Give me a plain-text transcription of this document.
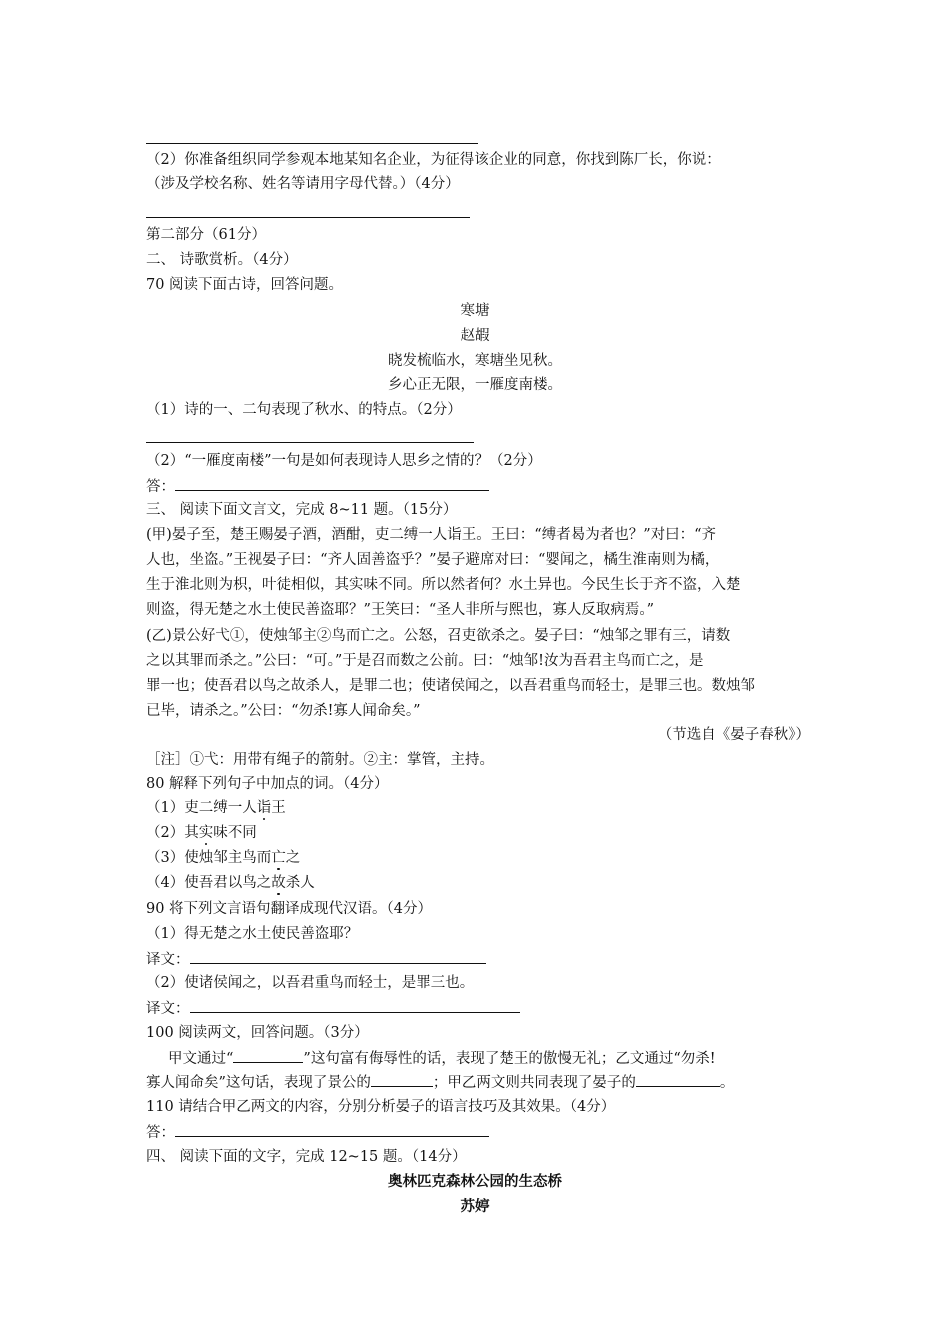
（2）你准备组织同学参观本地某知名企业，为征得该企业的同意，你找到陈厂长，你说：
（涉及学校名称、姓名等请用字母代替。）（4分）
第二部分（61分）
二、 诗歌赏析。（4分）
70 阅读下面古诗，回答问题。
寒塘
赵嘏
晓发梳临水，寒塘坐见秋。
乡心正无限，一雁度南楼。
（1）诗的一、二句表现了秋水、的特点。（2分）
（2）“一雁度南楼”一句是如何表现诗人思乡之情的？（2分）
答：
三、 阅读下面文言文，完成 8~11 题。（15分）
(甲)晏子至，楚王赐晏子酒，酒酣，吏二缚一人诣王。王曰：“缚者曷为者也？”对曰：“齐
人也，坐盗。”王视晏子曰：“齐人固善盗乎？”晏子避席对曰：“婴闻之，橘生淮南则为橘，
生于淮北则为枳，叶徒相似，其实味不同。所以然者何？水土异也。今民生长于齐不盗，入楚
则盗，得无楚之水土使民善盗耶？”王笑曰：“圣人非所与熙也，寡人反取病焉。”
(乙)景公好弋①，使烛邹主②鸟而亡之。公怒，召吏欲杀之。晏子曰：“烛邹之罪有三，请数
之以其罪而杀之。”公曰：“可。”于是召而数之公前。曰：“烛邹!汝为吾君主鸟而亡之，是
罪一也；使吾君以鸟之故杀人，是罪二也；使诸侯闻之，以吾君重鸟而轻士，是罪三也。数烛邹
已毕，请杀之。”公曰：“勿杀!寡人闻命矣。”
（节选自《晏子春秋》）
［注］①弋：用带有绳子的箭射。②主：掌管，主持。
80 解释下列句子中加点的词。（4分）
（1）吏二缚一人诣王
（2）其实味不同
（3）使烛邹主鸟而亡之
（4）使吾君以鸟之故杀人
90 将下列文言语句翻译成现代汉语。（4分）
（1）得无楚之水土使民善盗耶？
译文：
（2）使诸侯闻之，以吾君重鸟而轻士，是罪三也。
译文：
100 阅读两文，回答问题。（3分）
甲文通过“	”这句富有侮辱性的话，表现了楚王的傲慢无礼；乙文通过“勿杀!
寡人闻命矣”这句话，表现了景公的	；甲乙两文则共同表现了晏子的	。
110 请结合甲乙两文的内容，分别分析晏子的语言技巧及其效果。（4分）
答：
四、 阅读下面的文字，完成 12~15 题。（14分）
奥林匹克森林公园的生态桥
苏婷
